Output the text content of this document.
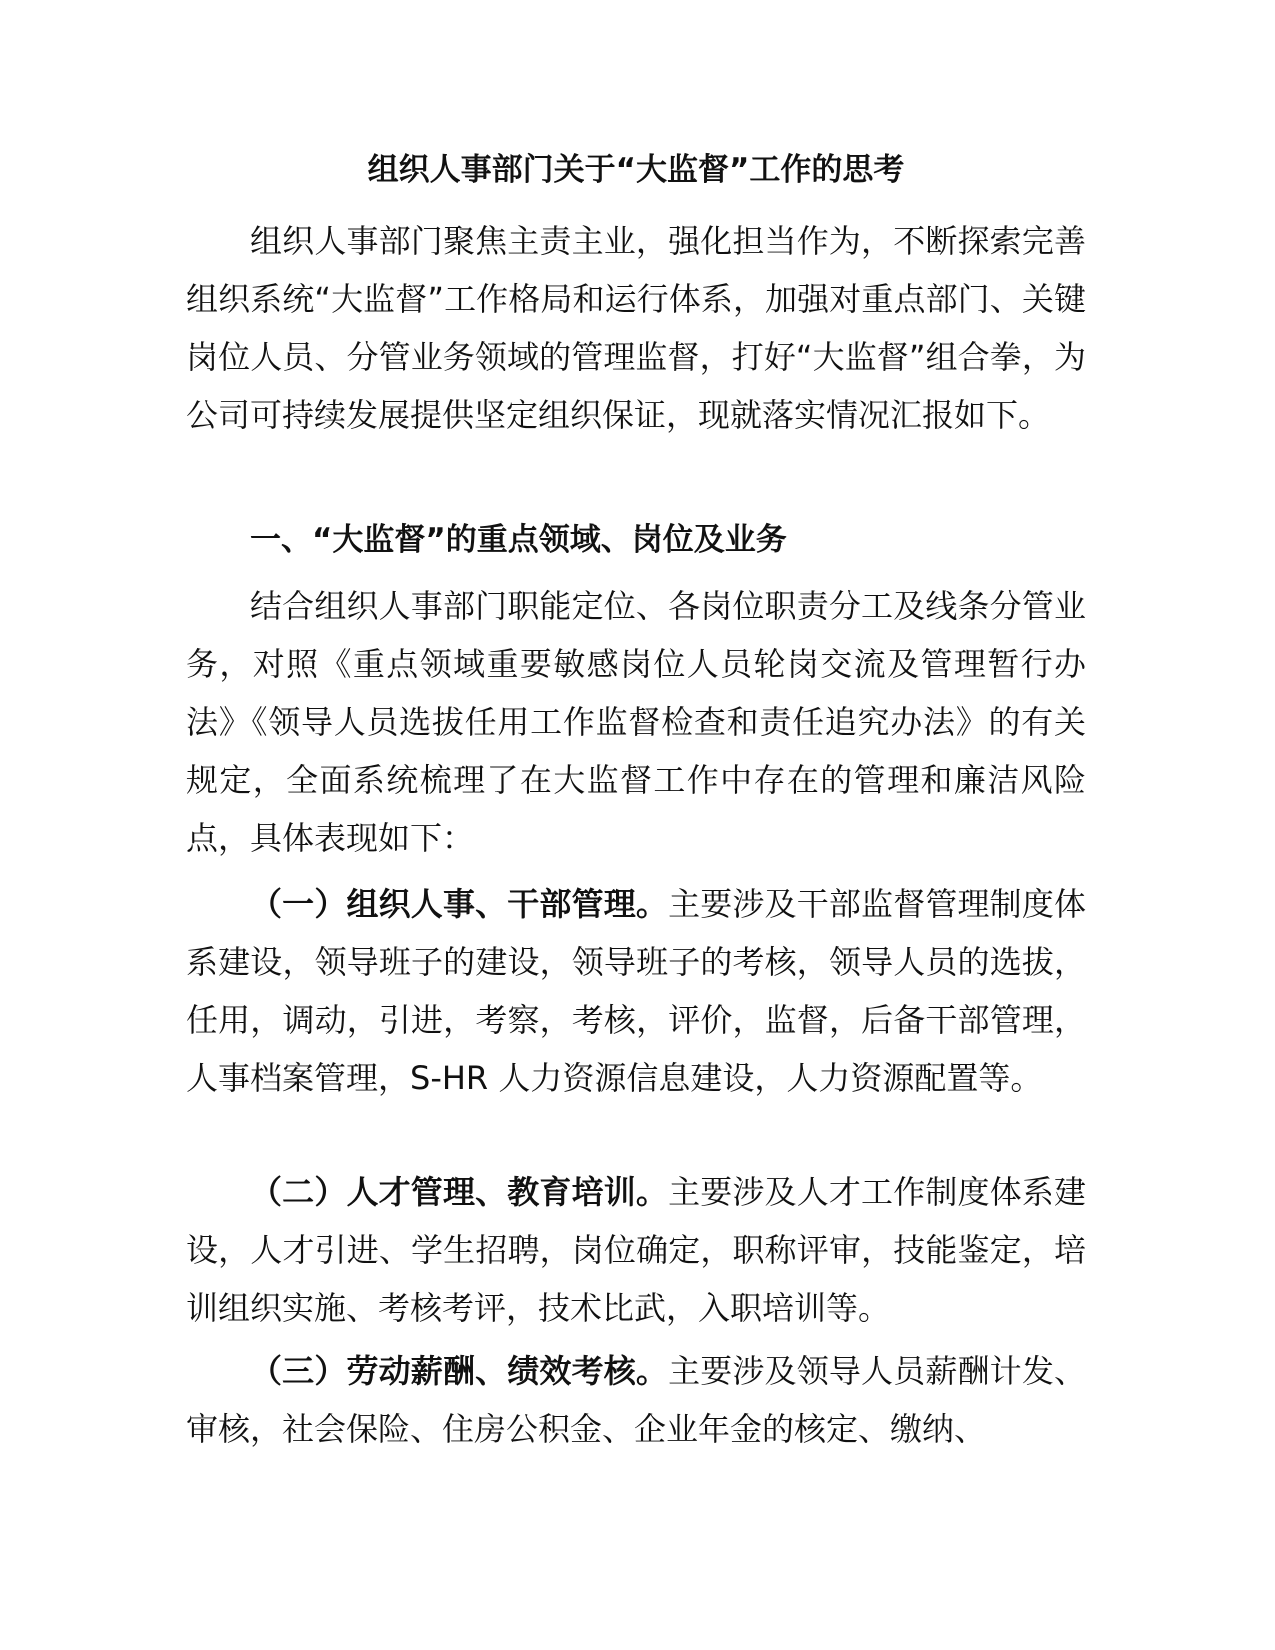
组织人事部门关于“大监督”工作的思考

组织人事部门聚焦主责主业，强化担当作为，不断探索完善组织系统“大监督”工作格局和运行体系，加强对重点部门、关键岗位人员、分管业务领域的管理监督，打好“大监督”组合拳，为公司可持续发展提供坚定组织保证，现就落实情况汇报如下。

一、“大监督”的重点领域、岗位及业务

结合组织人事部门职能定位、各岗位职责分工及线条分管业务，对照《重点领域重要敏感岗位人员轮岗交流及管理暂行办法》《领导人员选拔任用工作监督检查和责任追究办法》的有关规定，全面系统梳理了在大监督工作中存在的管理和廉洁风险点，具体表现如下：

（一）组织人事、干部管理。主要涉及干部监督管理制度体系建设，领导班子的建设，领导班子的考核，领导人员的选拔，任用，调动，引进，考察，考核，评价，监督，后备干部管理，人事档案管理，S-HR 人力资源信息建设，人力资源配置等。

（二）人才管理、教育培训。主要涉及人才工作制度体系建设，人才引进、学生招聘，岗位确定，职称评审，技能鉴定，培训组织实施、考核考评，技术比武，入职培训等。

（三）劳动薪酬、绩效考核。主要涉及领导人员薪酬计发、审核，社会保险、住房公积金、企业年金的核定、缴纳、
